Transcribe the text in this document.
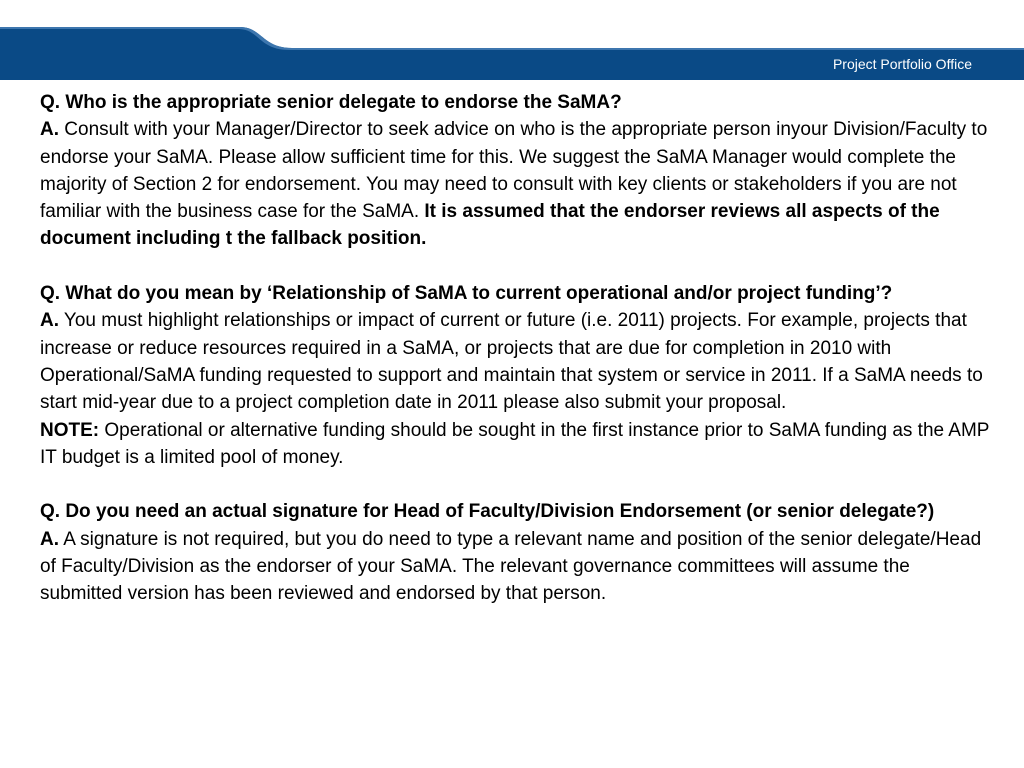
Project Portfolio Office
Q. Who is the appropriate senior delegate to endorse the SaMA?
A. Consult with your Manager/Director to seek advice on who is the appropriate person inyour Division/Faculty to endorse your SaMA. Please allow sufficient time for this. We suggest the SaMA Manager would complete the majority of Section 2 for endorsement. You may need to consult with key clients or stakeholders if you are not familiar with the business case for the SaMA. It is assumed that the endorser reviews all aspects of the document including t the fallback position.
Q. What do you mean by ‘Relationship of SaMA to current operational and/or project funding’?
A. You must highlight relationships or impact of current or future (i.e. 2011) projects. For example, projects that increase or reduce resources required in a SaMA, or projects that are due for completion in 2010 with Operational/SaMA funding requested to support and maintain that system or service in 2011. If a SaMA needs to start mid-year due to a project completion date in 2011 please also submit your proposal.
NOTE: Operational or alternative funding should be sought in the first instance prior to SaMA funding as the AMP IT budget is a limited pool of money.
Q. Do you need an actual signature for Head of Faculty/Division Endorsement (or senior delegate?)
A. A signature is not required, but you do need to type a relevant name and position of the senior delegate/Head of Faculty/Division as the endorser of your SaMA. The relevant governance committees will assume the submitted version has been reviewed and endorsed by that person.
